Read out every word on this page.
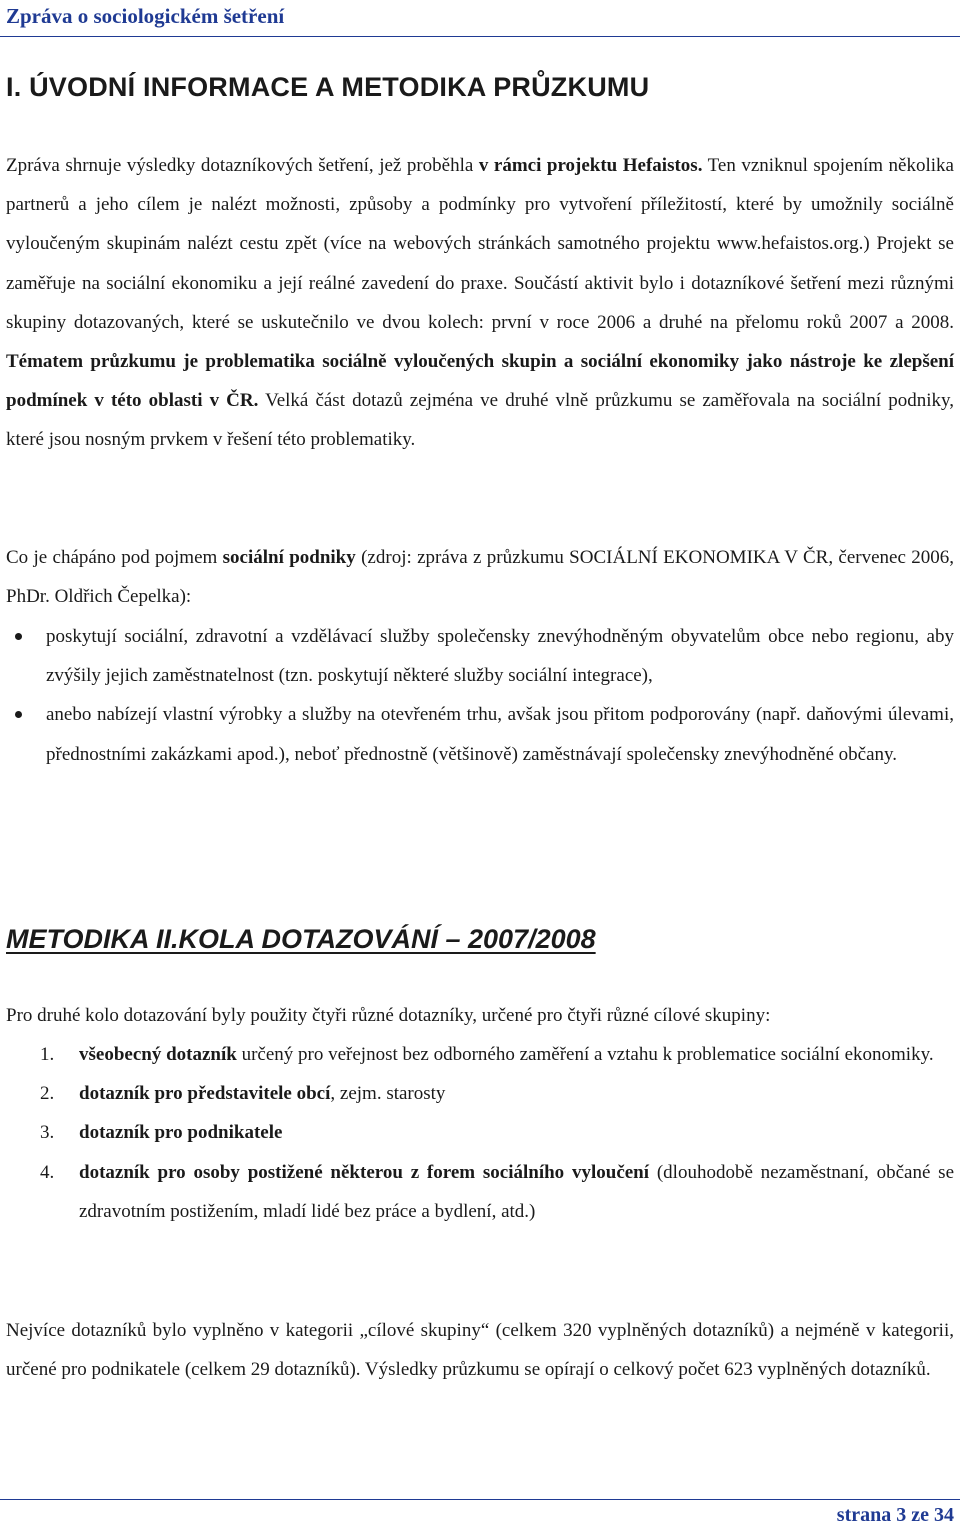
Zpráva o sociologickém šetření
I. ÚVODNÍ INFORMACE A METODIKA PRŮZKUMU

Zpráva shrnuje výsledky dotazníkových šetření, jež proběhla v rámci projektu Hefaistos. Ten vzniknul spojením několika partnerů a jeho cílem je nalézt možnosti, způsoby a podmínky pro vytvoření příležitostí, které by umožnily sociálně vyloučeným skupinám nalézt cestu zpět (více na webových stránkách samotného projektu www.hefaistos.org.) Projekt se zaměřuje na sociální ekonomiku a její reálné zavedení do praxe. Součástí aktivit bylo i dotazníkové šetření mezi různými skupiny dotazovaných, které se uskutečnilo ve dvou kolech: první v roce 2006 a druhé na přelomu roků 2007 a 2008. Tématem průzkumu je problematika sociálně vyloučených skupin a sociální ekonomiky jako nástroje ke zlepšení podmínek v této oblasti v ČR. Velká část dotazů zejména ve druhé vlně průzkumu se zaměřovala na sociální podniky, které jsou nosným prvkem v řešení této problematiky.

Co je chápáno pod pojmem sociální podniky (zdroj: zpráva z průzkumu SOCIÁLNÍ EKONOMIKA V ČR, červenec 2006, PhDr. Oldřich Čepelka):

poskytují sociální, zdravotní a vzdělávací služby společensky znevýhodněným obyvatelům obce nebo regionu, aby zvýšily jejich zaměstnatelnost (tzn. poskytují některé služby sociální integrace),
anebo nabízejí vlastní výrobky a služby na otevřeném trhu, avšak jsou přitom podporovány (např. daňovými úlevami, přednostními zakázkami apod.), neboť přednostně (většinově) zaměstnávají společensky znevýhodněné občany.
METODIKA II.KOLA DOTAZOVÁNÍ – 2007/2008

Pro druhé kolo dotazování byly použity čtyři různé dotazníky, určené pro čtyři různé cílové skupiny:

1. všeobecný dotazník určený pro veřejnost bez odborného zaměření a vztahu k problematice sociální ekonomiky.
2. dotazník pro představitele obcí, zejm. starosty
3. dotazník pro podnikatele
4. dotazník pro osoby postižené některou z forem sociálního vyloučení (dlouhodobě nezaměstnaní, občané se zdravotním postižením, mladí lidé bez práce a bydlení, atd.)

Nejvíce dotazníků bylo vyplněno v kategorii „cílové skupiny“ (celkem 320 vyplněných dotazníků) a nejméně v kategorii, určené pro podnikatele (celkem 29 dotazníků). Výsledky průzkumu se opírají o celkový počet 623 vyplněných dotazníků.

strana 3 ze 34
